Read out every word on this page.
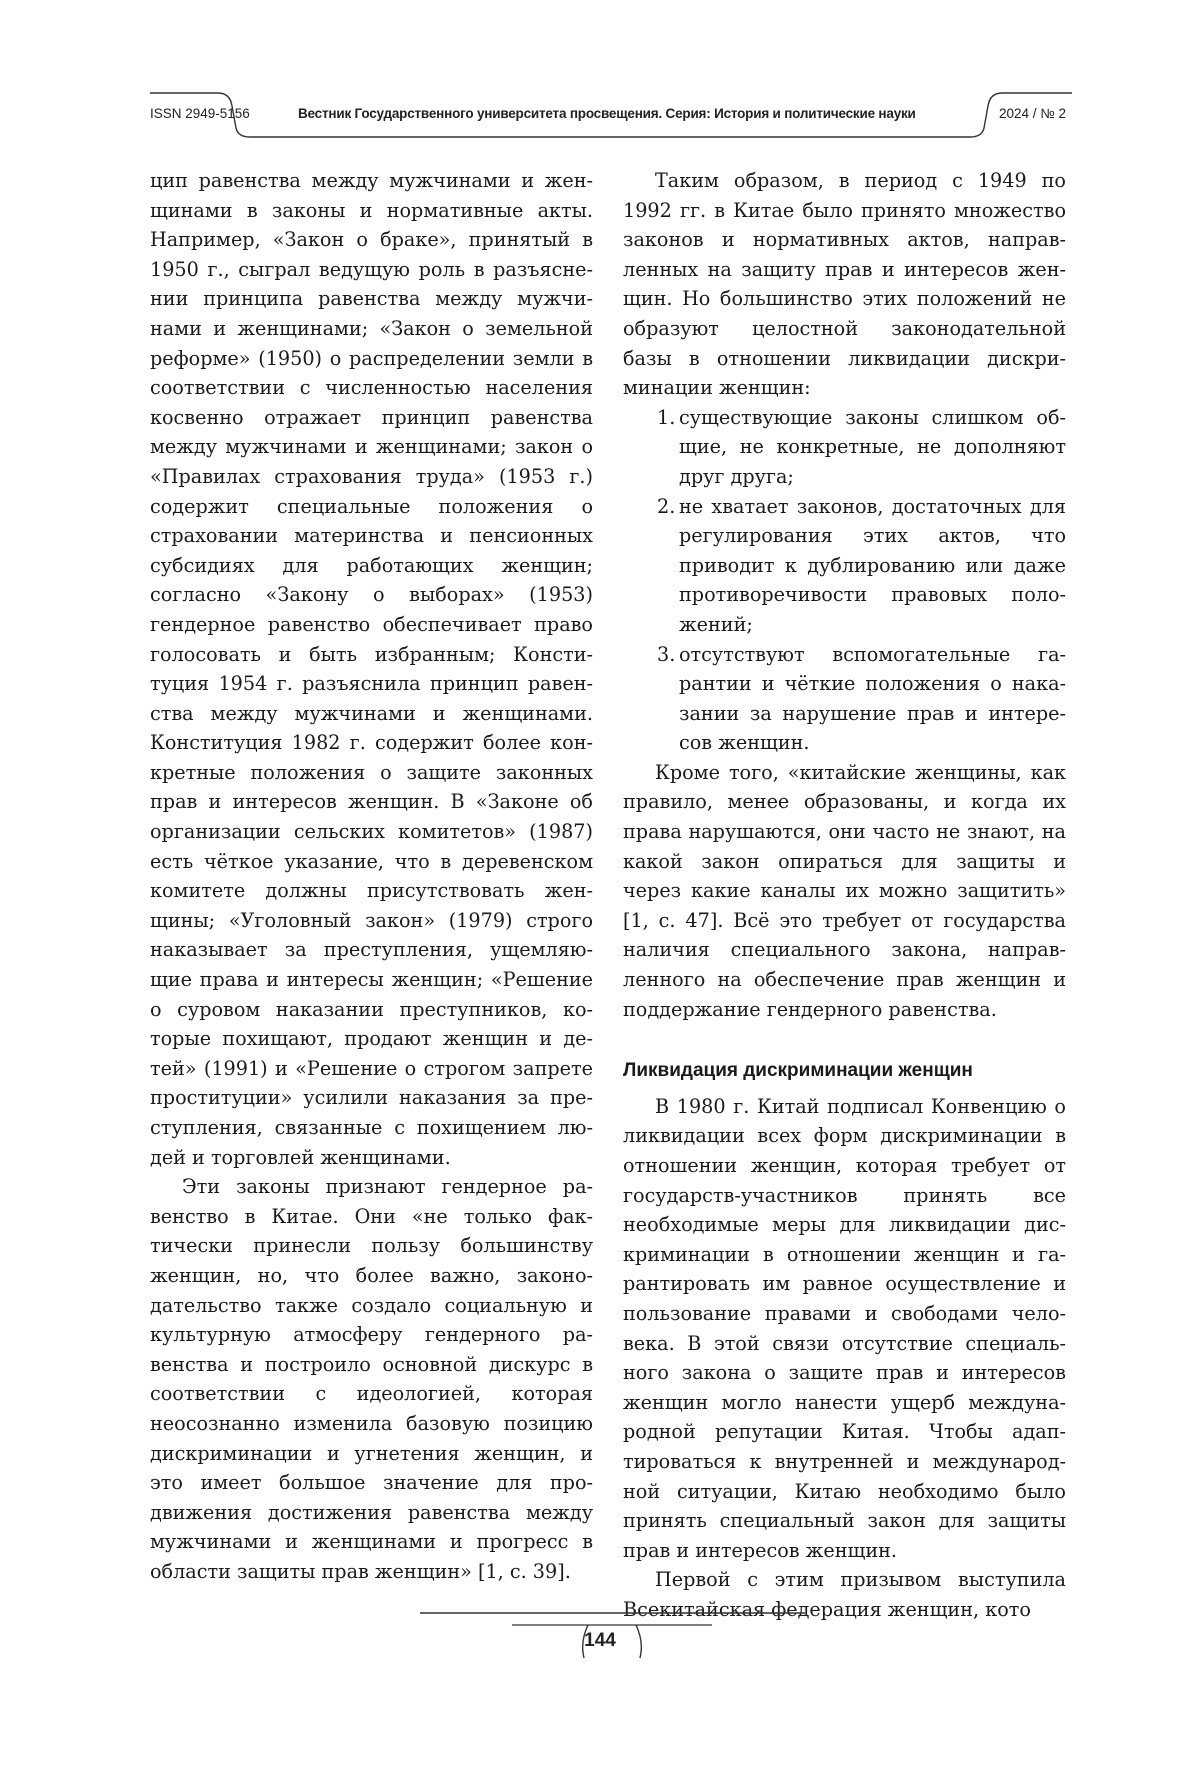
ISSN 2949-5156	Вестник Государственного университета просвещения. Серия: История и политические науки	2024 / № 2

цип равенства между мужчинами и женщинами в законы и нормативные акты. Например, «Закон о браке», принятый в 1950 г., сыграл ведущую роль в разъяснении принципа равенства между мужчинами и женщинами; «Закон о земельной реформе» (1950) о распределении земли в соответствии с численностью населения косвенно отражает принцип равенства между мужчинами и женщинами; закон о «Правилах страхования труда» (1953 г.) содержит специальные положения о страховании материнства и пенсионных субсидиях для работающих женщин; согласно «Закону о выборах» (1953) гендерное равенство обеспечивает право голосовать и быть избранным; Конституция 1954 г. разъяснила принцип равенства между мужчинами и женщинами. Конституция 1982 г. содержит более конкретные положения о защите законных прав и интересов женщин. В «Законе об организации сельских комитетов» (1987) есть чёткое указание, что в деревенском комитете должны присутствовать женщины; «Уголовный закон» (1979) строго наказывает за преступления, ущемляющие права и интересы женщин; «Решение о суровом наказании преступников, которые похищают, продают женщин и детей» (1991) и «Решение о строгом запрете проституции» усилили наказания за преступления, связанные с похищением людей и торговлей женщинами.

Эти законы признают гендерное равенство в Китае. Они «не только фактически принесли пользу большинству женщин, но, что более важно, законодательство также создало социальную и культурную атмосферу гендерного равенства и построило основной дискурс в соответствии с идеологией, которая неосознанно изменила базовую позицию дискриминации и угнетения женщин, и это имеет большое значение для продвижения достижения равенства между мужчинами и женщинами и прогресс в области защиты прав женщин» [1, с. 39].

Таким образом, в период с 1949 по 1992 гг. в Китае было принято множество законов и нормативных актов, направленных на защиту прав и интересов женщин. Но большинство этих положений не образуют целостной законодательной базы в отношении ликвидации дискриминации женщин:

1. существующие законы слишком общие, не конкретные, не дополняют друг друга;
2. не хватает законов, достаточных для регулирования этих актов, что приводит к дублированию или даже противоречивости правовых положений;
3. отсутствуют вспомогательные гарантии и чёткие положения о наказании за нарушение прав и интересов женщин.

Кроме того, «китайские женщины, как правило, менее образованы, и когда их права нарушаются, они часто не знают, на какой закон опираться для защиты и через какие каналы их можно защитить» [1, с. 47]. Всё это требует от государства наличия специального закона, направленного на обеспечение прав женщин и поддержание гендерного равенства.

Ликвидация дискриминации женщин

В 1980 г. Китай подписал Конвенцию о ликвидации всех форм дискриминации в отношении женщин, которая требует от государств-участников принять все необходимые меры для ликвидации дискриминации в отношении женщин и гарантировать им равное осуществление и пользование правами и свободами человека. В этой связи отсутствие специального закона о защите прав и интересов женщин могло нанести ущерб международной репутации Китая. Чтобы адаптироваться к внутренней и международной ситуации, Китаю необходимо было принять специальный закон для защиты прав и интересов женщин.

Первой с этим призывом выступила Всекитайская федерация женщин, кото

144
